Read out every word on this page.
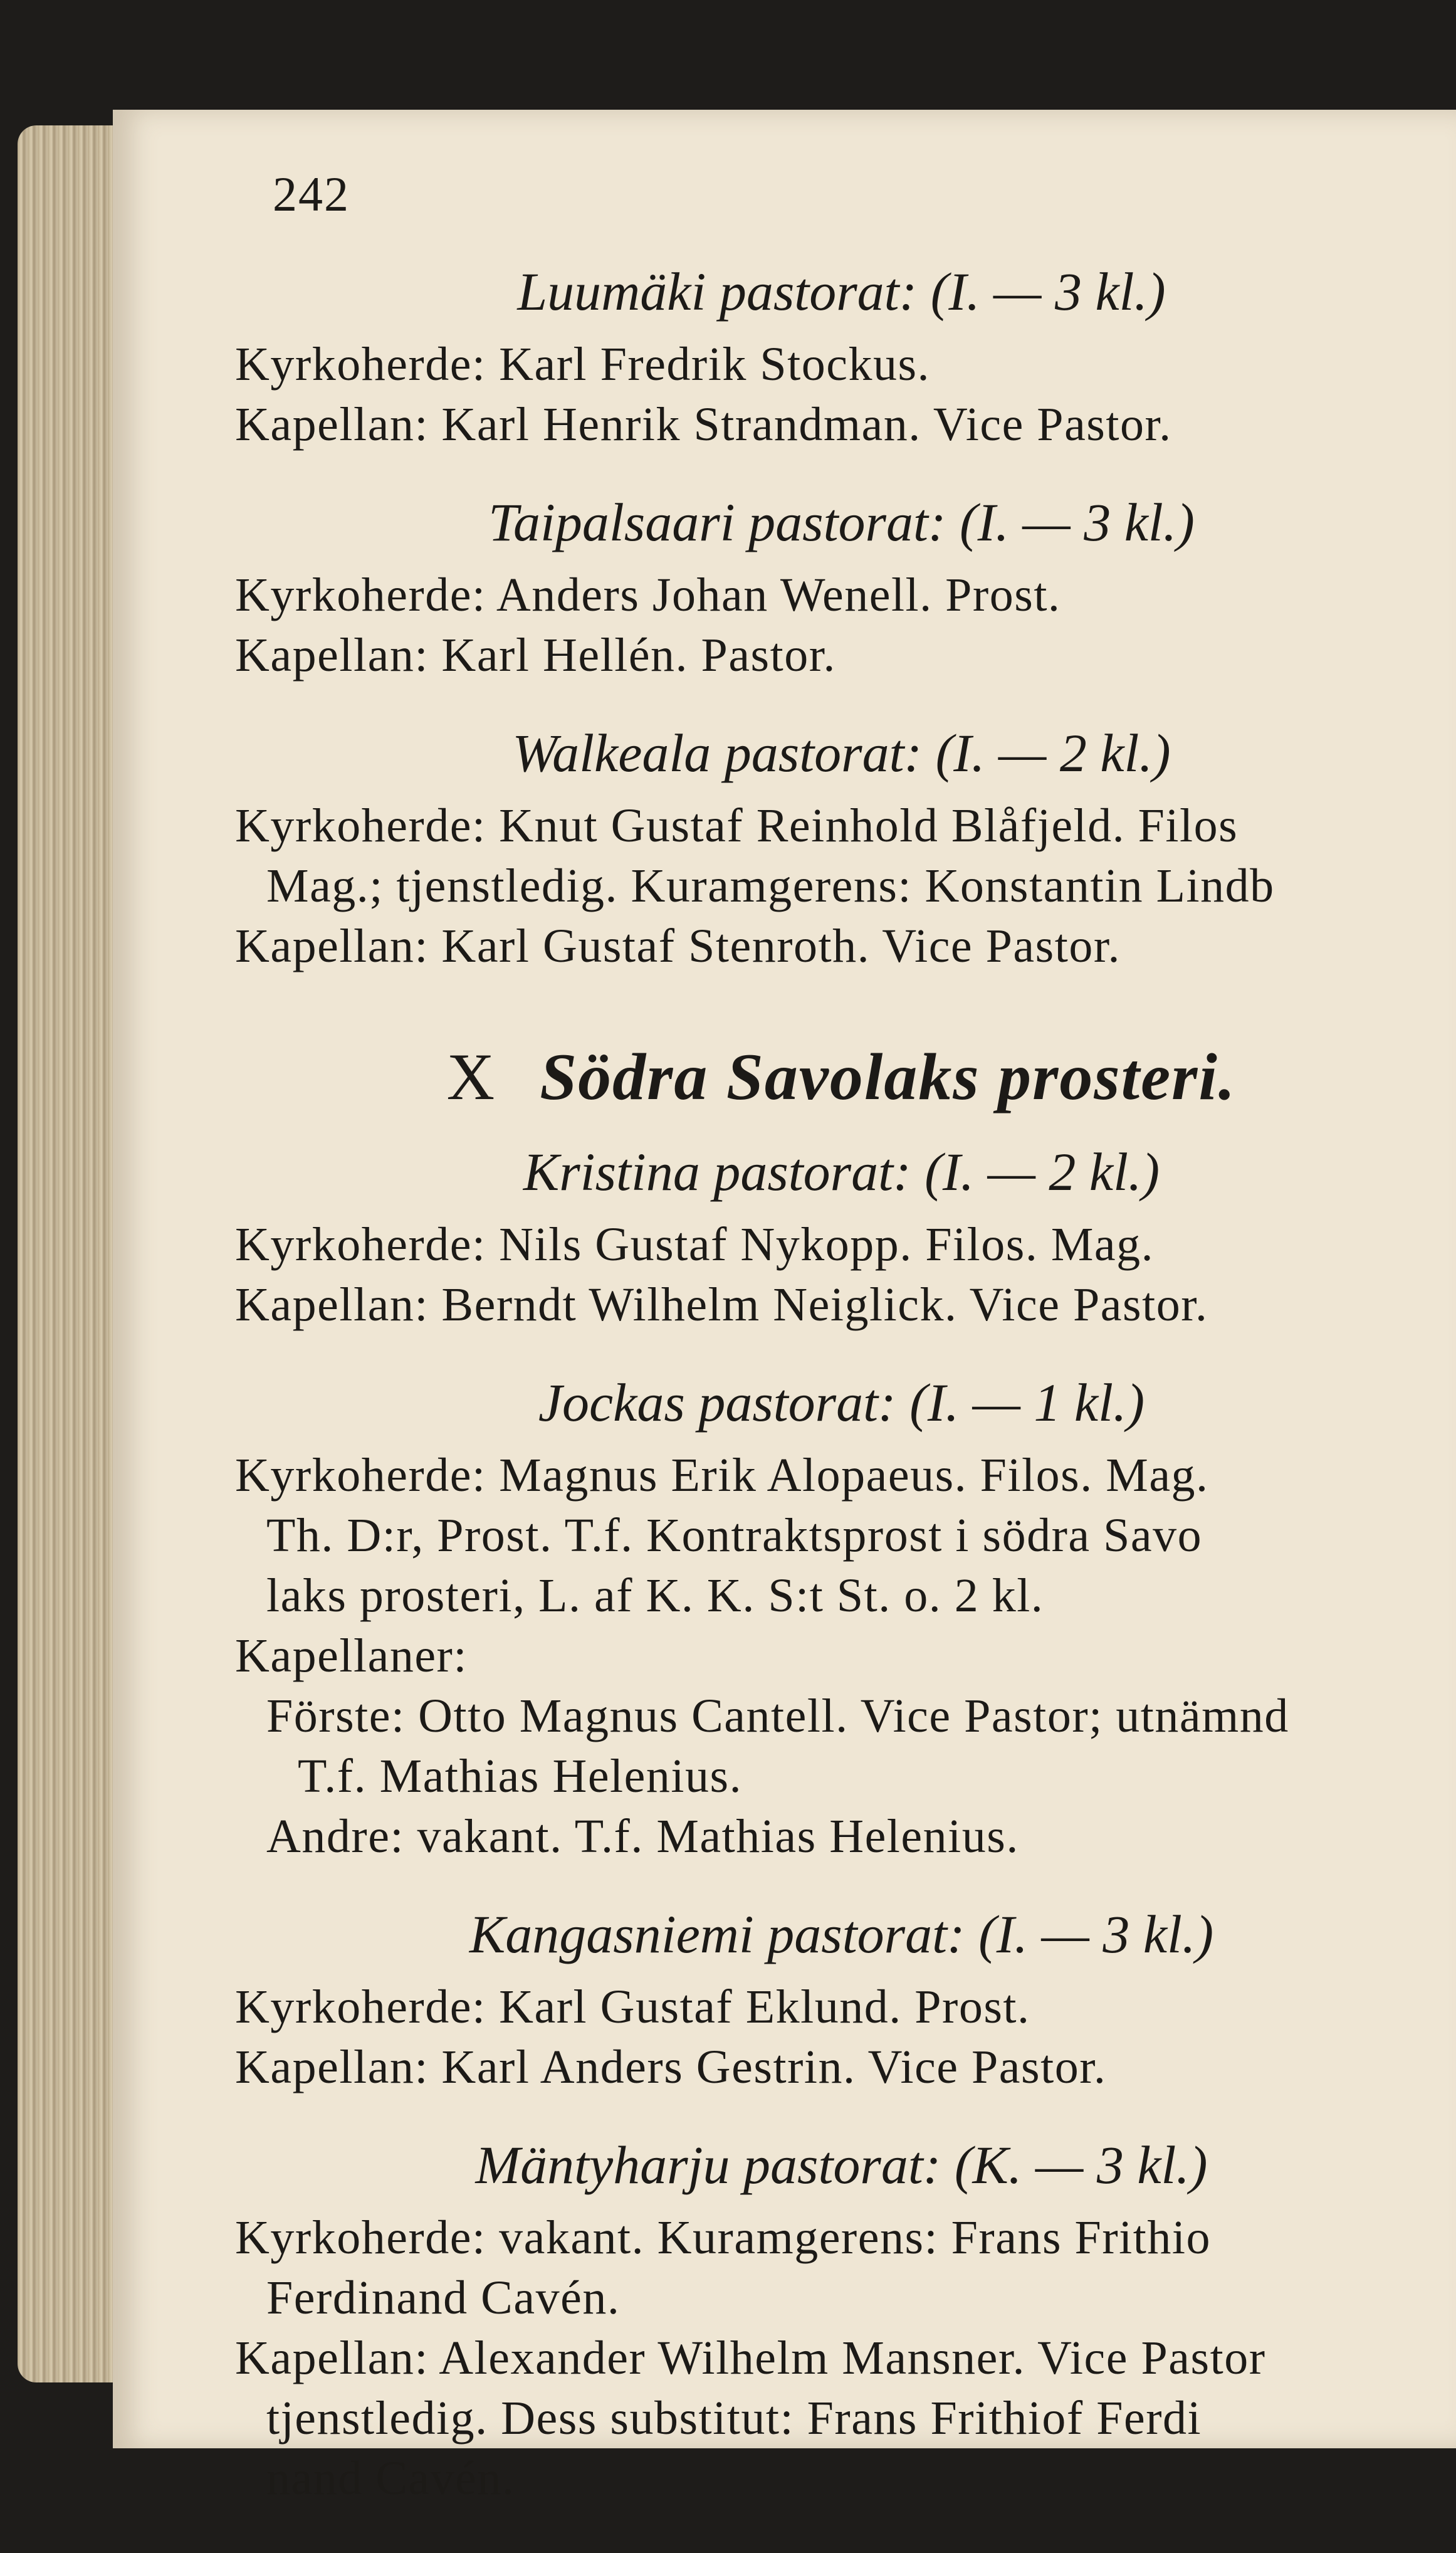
242
Luumäki pastorat: (I. — 3 kl.)
Kyrkoherde: Karl Fredrik Stockus.
Kapellan: Karl Henrik Strandman. Vice Pastor.
Taipalsaari pastorat: (I. — 3 kl.)
Kyrkoherde: Anders Johan Wenell. Prost.
Kapellan: Karl Hellén. Pastor.
Walkeala pastorat: (I. — 2 kl.)
Kyrkoherde: Knut Gustaf Reinhold Blåfjeld. Filos
Mag.; tjenstledig. Kuramgerens: Konstantin Lindb
Kapellan: Karl Gustaf Stenroth. Vice Pastor.
X Södra Savolaks prosteri.
Kristina pastorat: (I. — 2 kl.)
Kyrkoherde: Nils Gustaf Nykopp. Filos. Mag.
Kapellan: Berndt Wilhelm Neiglick. Vice Pastor.
Jockas pastorat: (I. — 1 kl.)
Kyrkoherde: Magnus Erik Alopaeus. Filos. Mag.
Th. D:r, Prost. T.f. Kontraktsprost i södra Savo
laks prosteri, L. af K. K. S:t St. o. 2 kl.
Kapellaner:
Förste: Otto Magnus Cantell. Vice Pastor; utnämnd
T.f. Mathias Helenius.
Andre: vakant. T.f. Mathias Helenius.
Kangasniemi pastorat: (I. — 3 kl.)
Kyrkoherde: Karl Gustaf Eklund. Prost.
Kapellan: Karl Anders Gestrin. Vice Pastor.
Mäntyharju pastorat: (K. — 3 kl.)
Kyrkoherde: vakant. Kuramgerens: Frans Frithio
Ferdinand Cavén.
Kapellan: Alexander Wilhelm Mansner. Vice Pastor
tjenstledig. Dess substitut: Frans Frithiof Ferdi
nand Cavén.
